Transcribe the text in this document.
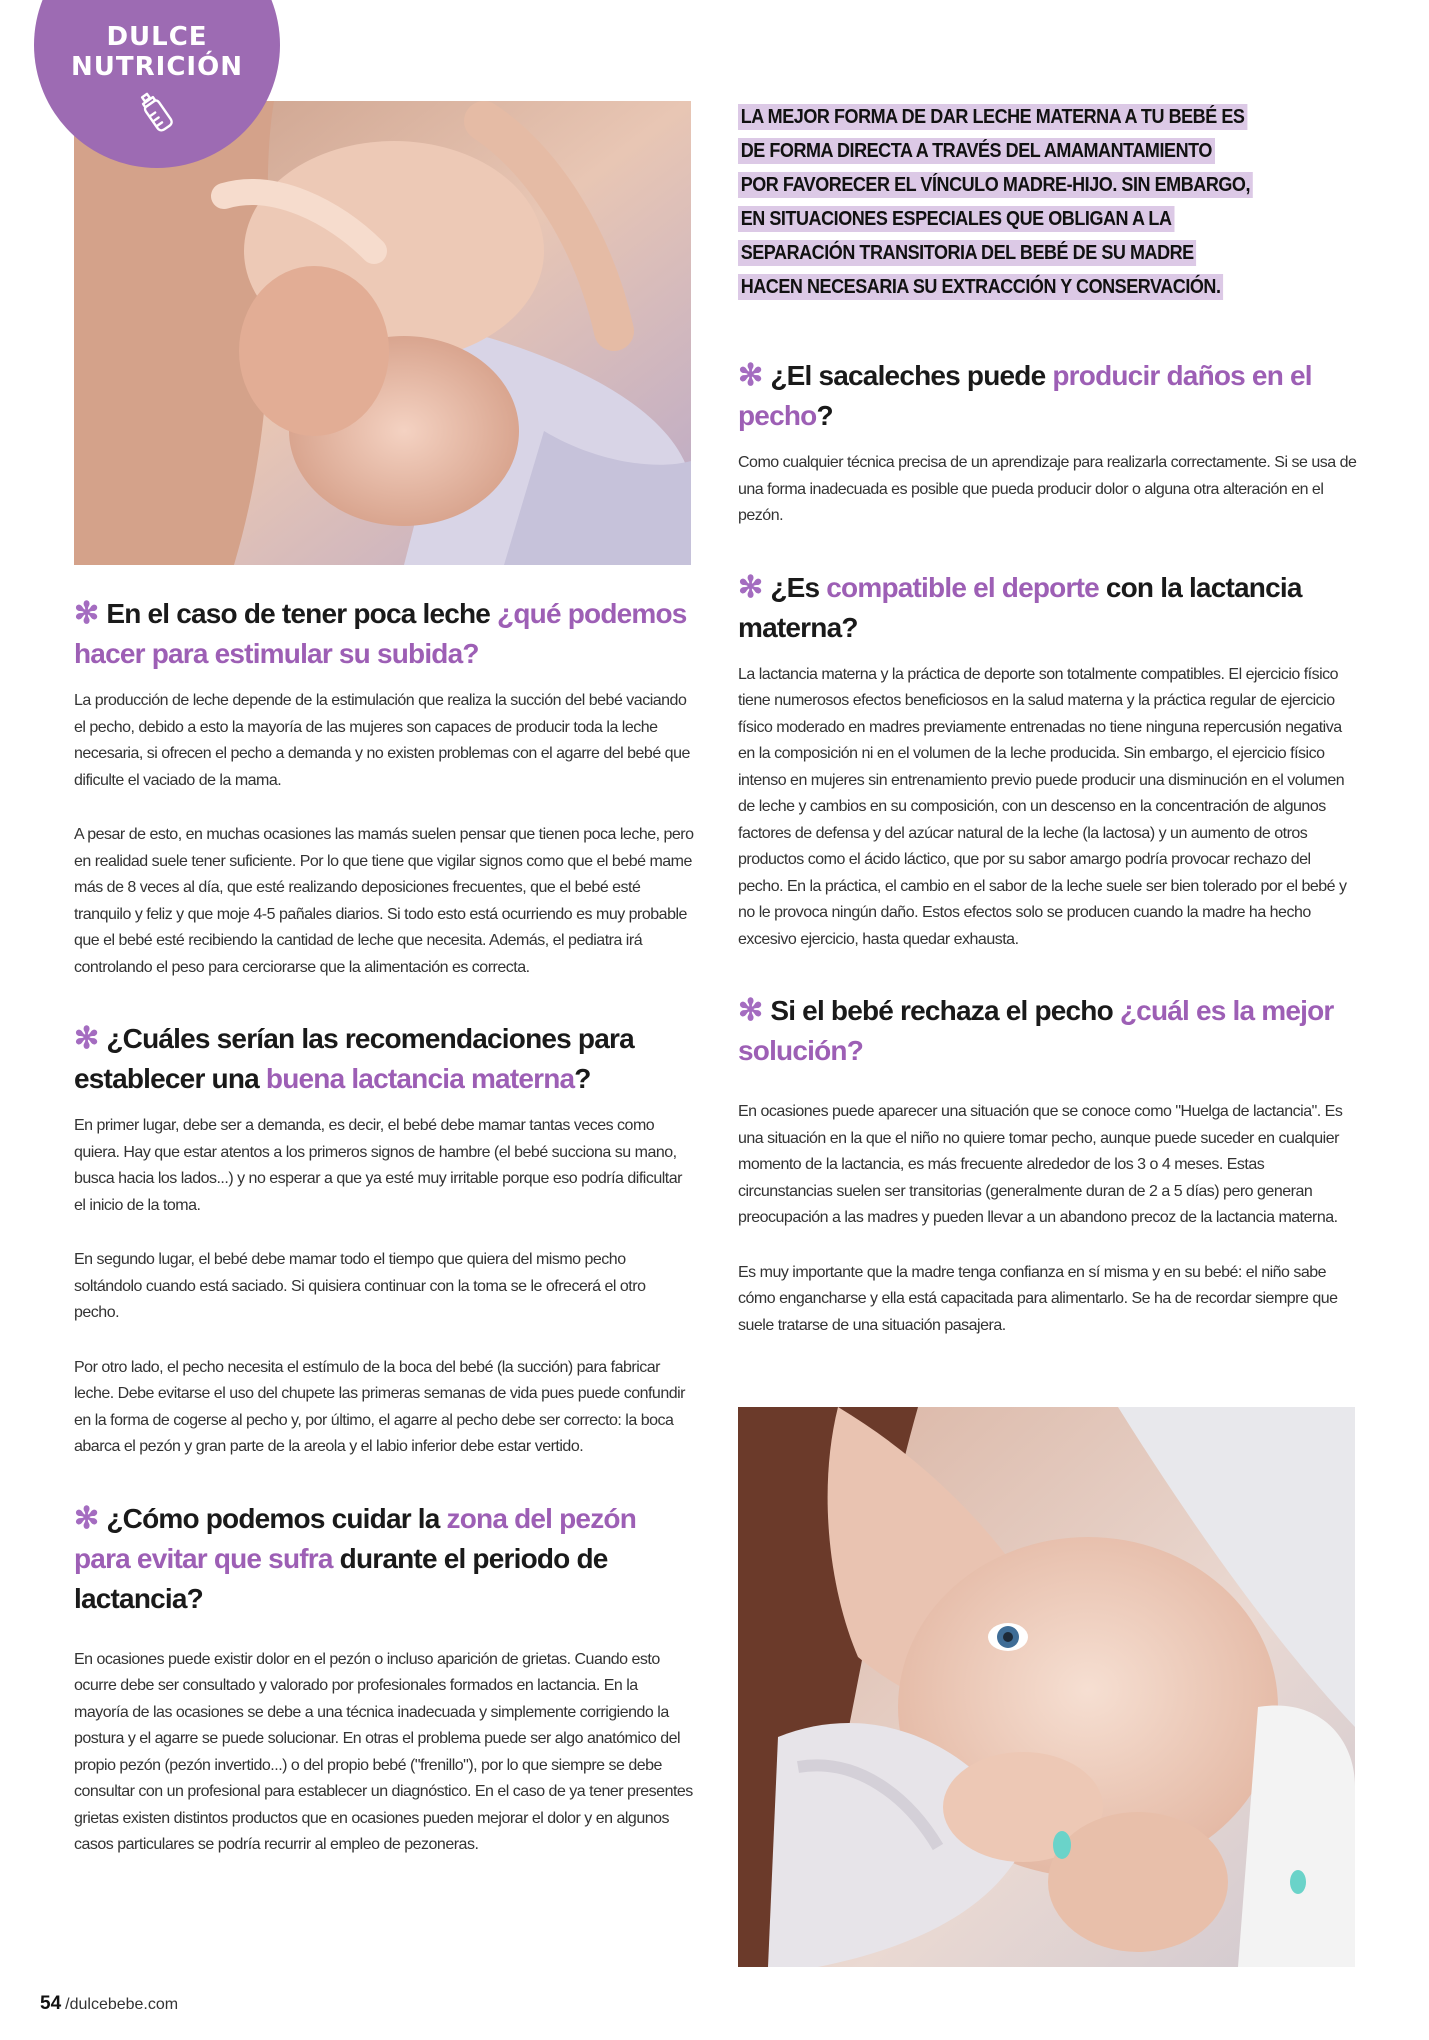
DULCE
NUTRICIÓN
✻ En el caso de tener poca leche ¿qué podemos hacer para estimular su subida?

La producción de leche depende de la estimulación que realiza la succión del bebé vaciando el pecho, debido a esto la mayoría de las mujeres son capaces de producir toda la leche necesaria, si ofrecen el pecho a demanda y no existen problemas con el agarre del bebé que dificulte el vaciado de la mama.

A pesar de esto, en muchas ocasiones las mamás suelen pensar que tienen poca leche, pero en realidad suele tener suficiente. Por lo que tiene que vigilar signos como que el bebé mame más de 8 veces al día, que esté realizando deposiciones frecuentes, que el bebé esté tranquilo y feliz y que moje 4-5 pañales diarios. Si todo esto está ocurriendo es muy probable que el bebé esté recibiendo la cantidad de leche que necesita. Además, el pediatra irá controlando el peso para cerciorarse que la alimentación es correcta.

✻ ¿Cuáles serían las recomendaciones para establecer una buena lactancia materna?

En primer lugar, debe ser a demanda, es decir, el bebé debe mamar tantas veces como quiera. Hay que estar atentos a los primeros signos de hambre (el bebé succiona su mano, busca hacia los lados...) y no esperar a que ya esté muy irritable porque eso podría dificultar el inicio de la toma.

En segundo lugar, el bebé debe mamar todo el tiempo que quiera del mismo pecho soltándolo cuando está saciado. Si quisiera continuar con la toma se le ofrecerá el otro pecho.

Por otro lado, el pecho necesita el estímulo de la boca del bebé (la succión) para fabricar leche. Debe evitarse el uso del chupete las primeras semanas de vida pues puede confundir en la forma de cogerse al pecho y, por último, el agarre al pecho debe ser correcto: la boca abarca el pezón y gran parte de la areola y el labio inferior debe estar vertido.

✻ ¿Cómo podemos cuidar la zona del pezón para evitar que sufra durante el periodo de lactancia?

En ocasiones puede existir dolor en el pezón o incluso aparición de grietas. Cuando esto ocurre debe ser consultado y valorado por profesionales formados en lactancia. En la mayoría de las ocasiones se debe a una técnica inadecuada y simplemente corrigiendo la postura y el agarre se puede solucionar. En otras el problema puede ser algo anatómico del propio pezón (pezón invertido...) o del propio bebé ("frenillo"), por lo que siempre se debe consultar con un profesional para establecer un diagnóstico. En el caso de ya tener presentes grietas existen distintos productos que en ocasiones pueden mejorar el dolor y en algunos casos particulares se podría recurrir al empleo de pezoneras.

LA MEJOR FORMA DE DAR LECHE MATERNA A TU BEBÉ ES DE FORMA DIRECTA A TRAVÉS DEL AMAMANTAMIENTO POR FAVORECER EL VÍNCULO MADRE-HIJO. SIN EMBARGO, EN SITUACIONES ESPECIALES QUE OBLIGAN A LA SEPARACIÓN TRANSITORIA DEL BEBÉ DE SU MADRE HACEN NECESARIA SU EXTRACCIÓN Y CONSERVACIÓN.

✻ ¿El sacaleches puede producir daños en el pecho?

Como cualquier técnica precisa de un aprendizaje para realizarla correctamente. Si se usa de una forma inadecuada es posible que pueda producir dolor o alguna otra alteración en el pezón.

✻ ¿Es compatible el deporte con la lactancia materna?

La lactancia materna y la práctica de deporte son totalmente compatibles. El ejercicio físico tiene numerosos efectos beneficiosos en la salud materna y la práctica regular de ejercicio físico moderado en madres previamente entrenadas no tiene ninguna repercusión negativa en la composición ni en el volumen de la leche producida. Sin embargo, el ejercicio físico intenso en mujeres sin entrenamiento previo puede producir una disminución en el volumen de leche y cambios en su composición, con un descenso en la concentración de algunos factores de defensa y del azúcar natural de la leche (la lactosa) y un aumento de otros productos como el ácido láctico, que por su sabor amargo podría provocar rechazo del pecho. En la práctica, el cambio en el sabor de la leche suele ser bien tolerado por el bebé y no le provoca ningún daño. Estos efectos solo se producen cuando la madre ha hecho excesivo ejercicio, hasta quedar exhausta.

✻ Si el bebé rechaza el pecho ¿cuál es la mejor solución?

En ocasiones puede aparecer una situación que se conoce como "Huelga de lactancia". Es una situación en la que el niño no quiere tomar pecho, aunque puede suceder en cualquier momento de la lactancia, es más frecuente alrededor de los 3 o 4 meses. Estas circunstancias suelen ser transitorias (generalmente duran de 2 a 5 días) pero generan preocupación a las madres y pueden llevar a un abandono precoz de la lactancia materna.

Es muy importante que la madre tenga confianza en sí misma y en su bebé: el niño sabe cómo engancharse y ella está capacitada para alimentarlo. Se ha de recordar siempre que suele tratarse de una situación pasajera.

54 /dulcebebe.com
